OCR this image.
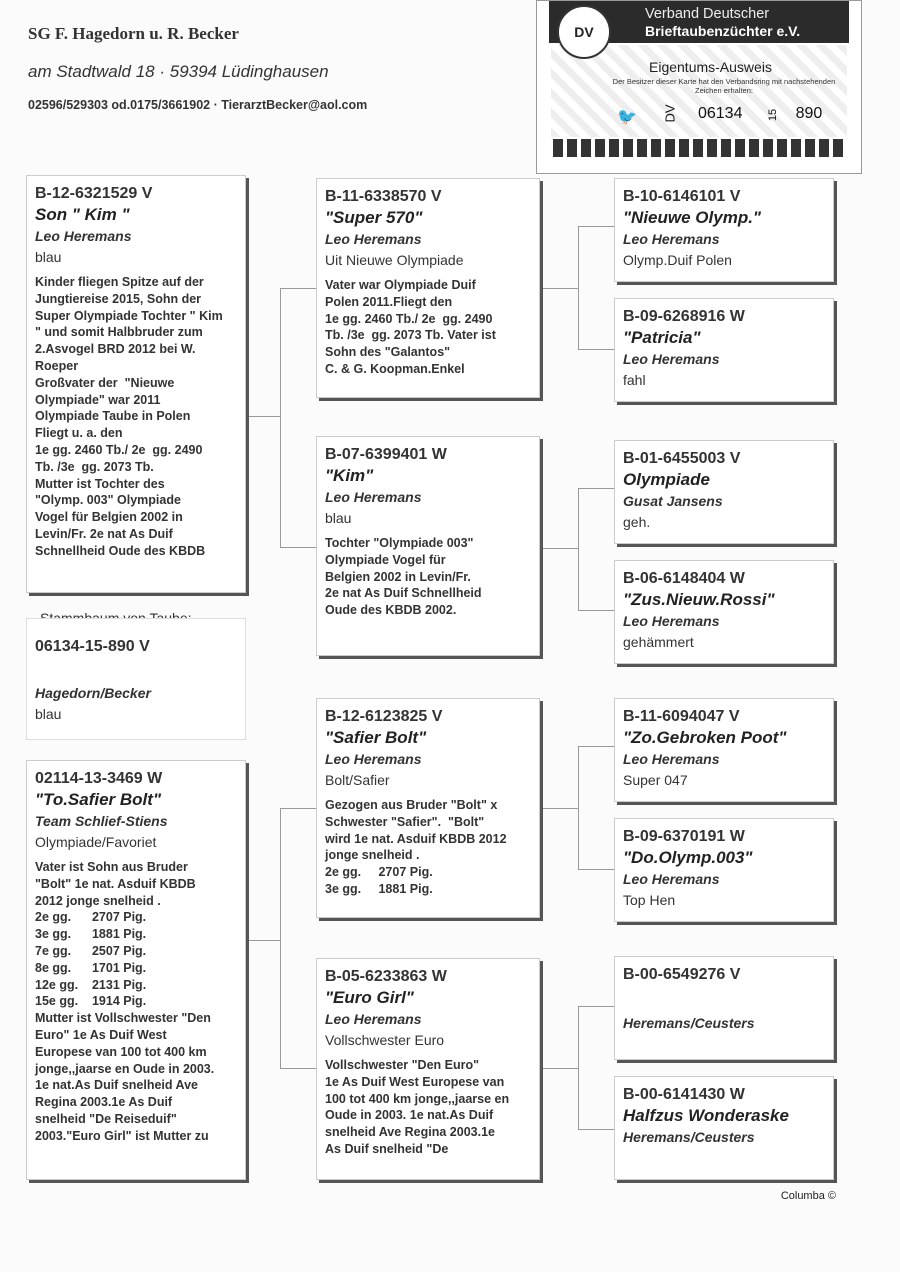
SG F. Hagedorn u. R. Becker
am Stadtwald 18 · 59394 Lüdinghausen
02596/529303 od.0175/3661902 · TierarztBecker@aol.com
DV
Verband Deutscher
Brieftaubenzüchter e.V.
Eigentums-Ausweis
Der Besitzer dieser Karte hat den Verbandsring mit nachstehenden Zeichen erhalten:
🐦	DV 06134 15 890
B-12-6321529 V
Son " Kim "
Leo Heremans
blau
Kinder fliegen Spitze auf der
Jungtiereise 2015, Sohn der
Super Olympiade Tochter " Kim
" und somit Halbbruder zum
2.Asvogel BRD 2012 bei W.
Roeper
Großvater der  "Nieuwe
Olympiade" war 2011
Olympiade Taube in Polen
Fliegt u. a. den
1e gg. 2460 Tb./ 2e  gg. 2490
Tb. /3e  gg. 2073 Tb.
Mutter ist Tochter des
"Olymp. 003" Olympiade
Vogel für Belgien 2002 in
Levin/Fr. 2e nat As Duif
Schnellheid Oude des KBDB
06134-15-890 V
Hagedorn/Becker
blau
02114-13-3469 W
"To.Safier Bolt"
Team Schlief-Stiens
Olympiade/Favoriet
Vater ist Sohn aus Bruder
"Bolt" 1e nat. Asduif KBDB
2012 jonge snelheid .
2e gg.      2707 Pig.
3e gg.      1881 Pig.
7e gg.      2507 Pig.
8e gg.      1701 Pig.
12e gg.    2131 Pig.
15e gg.    1914 Pig.
Mutter ist Vollschwester "Den
Euro" 1e As Duif West
Europese van 100 tot 400 km
jonge,,jaarse en Oude in 2003.
1e nat.As Duif snelheid Ave
Regina 2003.1e As Duif
snelheid "De Reiseduif"
2003."Euro Girl" ist Mutter zu
B-11-6338570 V
"Super 570"
Leo Heremans
Uit Nieuwe Olympiade
Vater war Olympiade Duif
Polen 2011.Fliegt den
1e gg. 2460 Tb./ 2e  gg. 2490
Tb. /3e  gg. 2073 Tb. Vater ist
Sohn des "Galantos"
C. & G. Koopman.Enkel
B-07-6399401 W
"Kim"
Leo Heremans
blau
Tochter "Olympiade 003"
Olympiade Vogel für
Belgien 2002 in Levin/Fr.
2e nat As Duif Schnellheid
Oude des KBDB 2002.
B-12-6123825 V
"Safier Bolt"
Leo Heremans
Bolt/Safier
Gezogen aus Bruder "Bolt" x
Schwester "Safier".  "Bolt"
wird 1e nat. Asduif KBDB 2012
jonge snelheid .
2e gg.     2707 Pig.
3e gg.     1881 Pig.
B-05-6233863 W
"Euro Girl"
Leo Heremans
Vollschwester Euro
Vollschwester "Den Euro"
1e As Duif West Europese van
100 tot 400 km jonge,,jaarse en
Oude in 2003. 1e nat.As Duif
snelheid Ave Regina 2003.1e
As Duif snelheid "De
B-10-6146101 V
"Nieuwe Olymp."
Leo Heremans
Olymp.Duif Polen
B-09-6268916 W
"Patricia"
Leo Heremans
fahl
B-01-6455003 V
Olympiade
Gusat Jansens
geh.
B-06-6148404 W
"Zus.Nieuw.Rossi"
Leo Heremans
gehämmert
B-11-6094047 V
"Zo.Gebroken Poot"
Leo Heremans
Super 047
B-09-6370191 W
"Do.Olymp.003"
Leo Heremans
Top Hen
B-00-6549276 V
Heremans/Ceusters
B-00-6141430 W
Halfzus Wonderaske
Heremans/Ceusters
Columba ©
